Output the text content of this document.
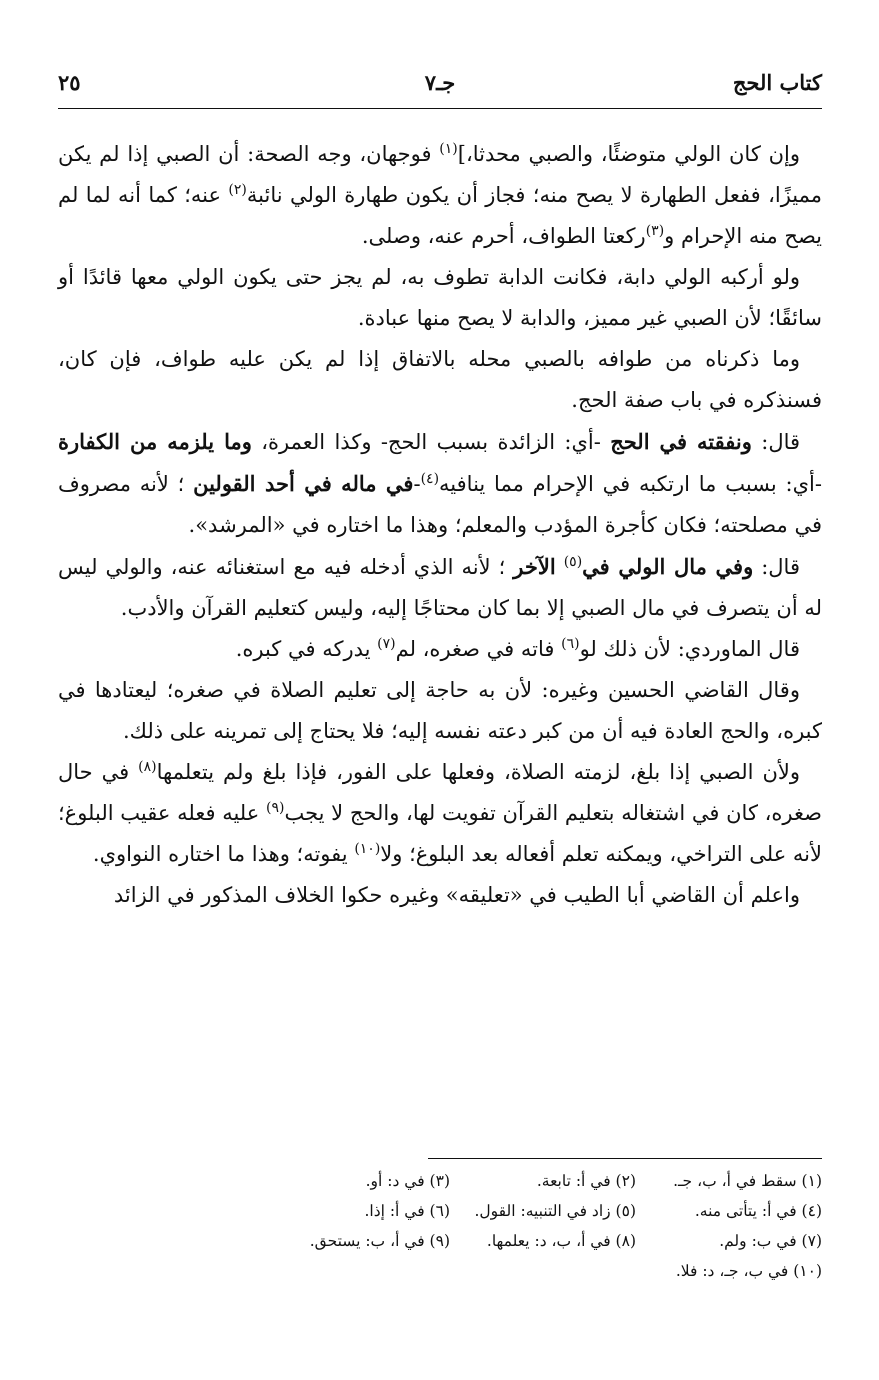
كتاب الحج
جـ٧
٢٥

وإن كان الولي متوضئًا، والصبي محدثا،]$^{(١)}$ فوجهان، وجه الصحة: أن الصبي إذا لم يكن مميزًا، ففعل الطهارة لا يصح منه؛ فجاز أن يكون طهارة الولي نائبة$^{(٢)}$ عنه؛ كما أنه لما لم يصح منه الإحرام و$^{(٣)}$ركعتا الطواف، أحرم عنه، وصلى.

ولو أركبه الولي دابة، فكانت الدابة تطوف به، لم يجز حتى يكون الولي معها قائدًا أو سائقًا؛ لأن الصبي غير مميز، والدابة لا يصح منها عبادة.

وما ذكرناه من طوافه بالصبي محله بالاتفاق إذا لم يكن عليه طواف، فإن كان، فسنذكره في باب صفة الحج.

قال: ونفقته في الحج -أي: الزائدة بسبب الحج- وكذا العمرة، وما يلزمه من الكفارة -أي: بسبب ما ارتكبه في الإحرام مما ينافيه$^{(٤)}$-في ماله في أحد القولين ؛ لأنه مصروف في مصلحته؛ فكان كأجرة المؤدب والمعلم؛ وهذا ما اختاره في «المرشد».

قال: وفي مال الولي في$^{(٥)}$ الآخر ؛ لأنه الذي أدخله فيه مع استغنائه عنه، والولي ليس له أن يتصرف في مال الصبي إلا بما كان محتاجًا إليه، وليس كتعليم القرآن والأدب.

قال الماوردي: لأن ذلك لو$^{(٦)}$ فاته في صغره، لم$^{(٧)}$ يدركه في كبره.

وقال القاضي الحسين وغيره: لأن به حاجة إلى تعليم الصلاة في صغره؛ ليعتادها في كبره، والحج العادة فيه أن من كبر دعته نفسه إليه؛ فلا يحتاج إلى تمرينه على ذلك.

ولأن الصبي إذا بلغ، لزمته الصلاة، وفعلها على الفور، فإذا بلغ ولم يتعلمها$^{(٨)}$ في حال صغره، كان في اشتغاله بتعليم القرآن تفويت لها، والحج لا يجب$^{(٩)}$ عليه فعله عقيب البلوغ؛ لأنه على التراخي، ويمكنه تعلم أفعاله بعد البلوغ؛ ولا$^{(١٠)}$ يفوته؛ وهذا ما اختاره النواوي.

واعلم أن القاضي أبا الطيب في «تعليقه» وغيره حكوا الخلاف المذكور في الزائد

(١) سقط في أ، ب، جـ.
(٢) في أ: تابعة.
(٣) في د: أو.
(٤) في أ: يتأتى منه.
(٥) زاد في التنبيه: القول.
(٦) في أ: إذا.
(٧) في ب: ولم.
(٨) في أ، ب، د: يعلمها.
(٩) في أ، ب: يستحق.
(١٠) في ب، جـ، د: فلا.
